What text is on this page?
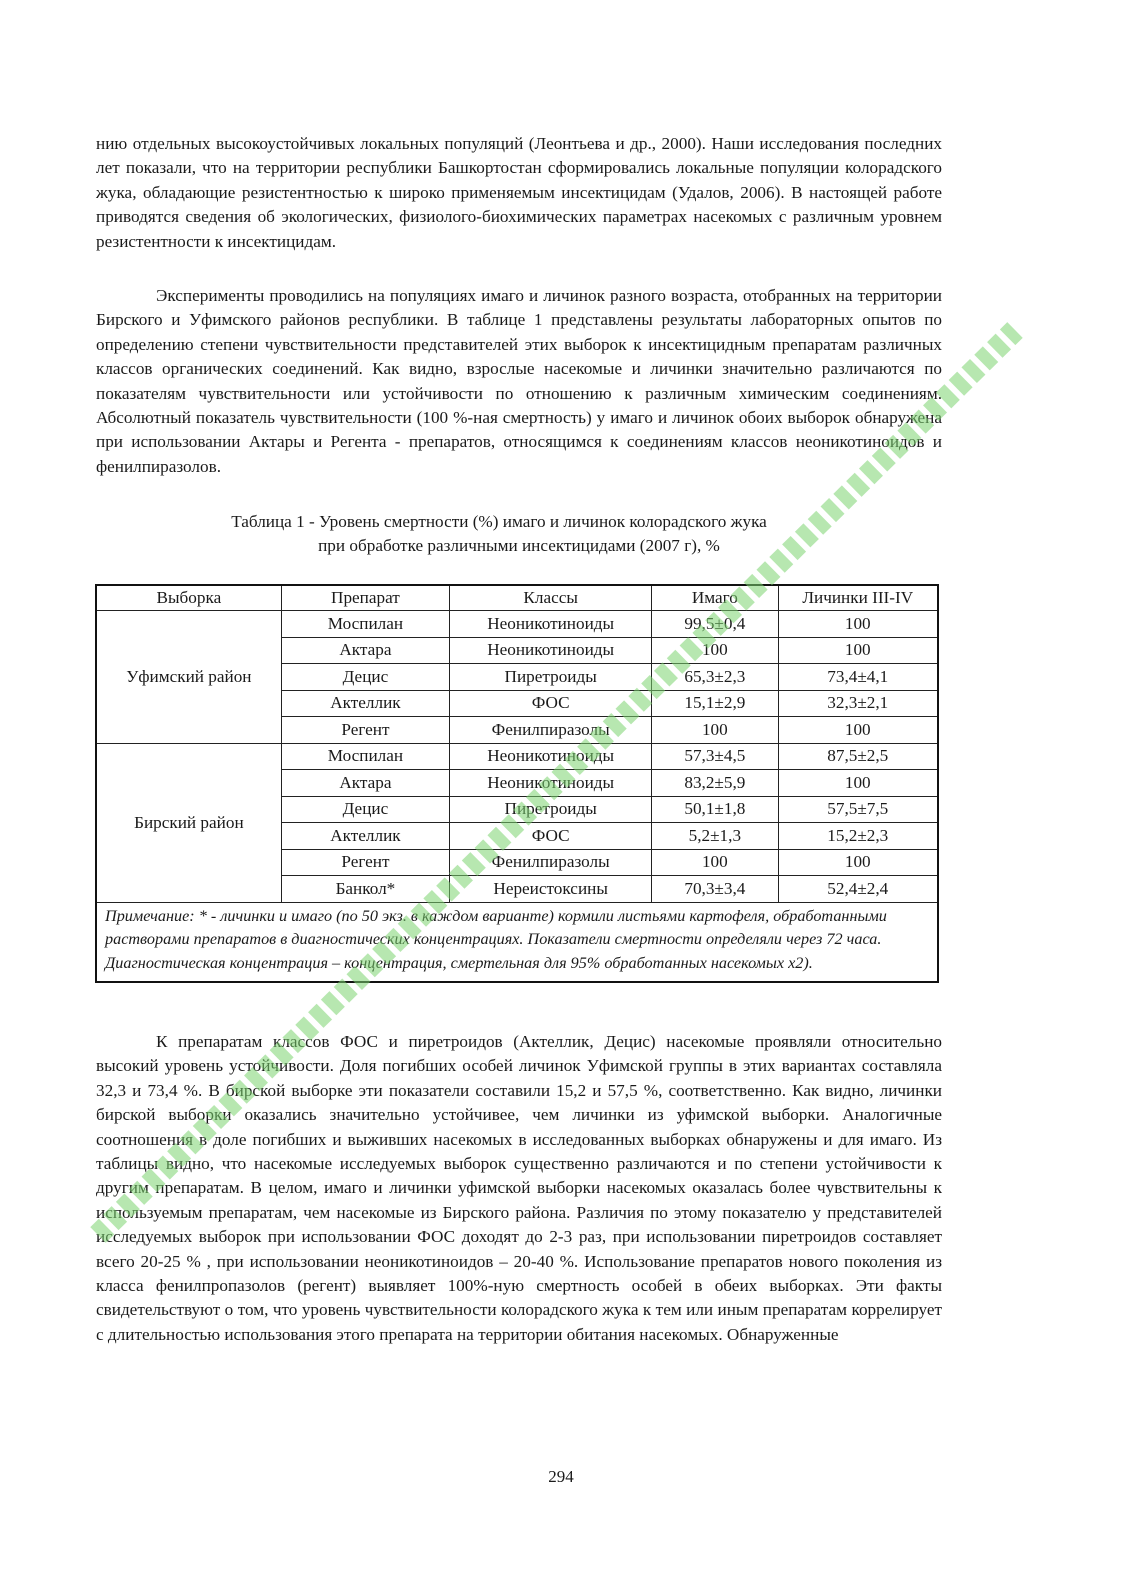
нию отдельных высокоустойчивых локальных популяций (Леонтьева и др., 2000). Наши исследования последних лет показали, что на территории республики Башкортостан сформировались локальные популяции колорадского жука, обладающие резистентностью к широко применяемым инсектицидам (Удалов, 2006). В настоящей работе приводятся сведения об экологических, физиолого-биохимических параметрах насекомых с различным уровнем резистентности к инсектицидам.

Эксперименты проводились на популяциях имаго и личинок разного возраста, отобранных на территории Бирского и Уфимского районов республики. В таблице 1 представлены результаты лабораторных опытов по определению степени чувствительности представителей этих выборок к инсектицидным препаратам различных классов органических соединений. Как видно, взрослые насекомые и личинки значительно различаются по показателям чувствительности или устойчивости по отношению к различным химическим соединениям. Абсолютный показатель чувствительности (100 %-ная смертность) у имаго и личинок обоих выборок обнаружена при использовании Актары и Регента - препаратов, относящимся к соединениям классов неоникотиноидов и фенилпиразолов.

Таблица 1 - Уровень смертности (%) имаго и личинок колорадского жука
при обработке различными инсектицидами (2007 г), %
Выборка	Препарат	Классы	Имаго	Личинки III-IV
Уфимский район	Моспилан	Неоникотиноиды	99,5±0,4	100
	Актара	Неоникотиноиды	100	100
	Децис	Пиретроиды	65,3±2,3	73,4±4,1
	Актеллик	ФОС	15,1±2,9	32,3±2,1
	Регент	Фенилпиразолы	100	100
Бирский район	Моспилан	Неоникотиноиды	57,3±4,5	87,5±2,5
	Актара	Неоникотиноиды	83,2±5,9	100
	Децис	Пиретроиды	50,1±1,8	57,5±7,5
	Актеллик	ФОС	5,2±1,3	15,2±2,3
	Регент	Фенилпиразолы	100	100
	Банкол*	Нереистоксины	70,3±3,4	52,4±2,4
Примечание: * - личинки и имаго (по 50 экз. в каждом варианте) кормили листьями картофеля, обработанными растворами препаратов в диагностических концентрациях. Показатели смертности определяли через 72 часа. Диагностическая концентрация – концентрация, смертельная для 95% обработанных насекомых х2).				

К препаратам классов ФОС и пиретроидов (Актеллик, Децис) насекомые проявляли относительно высокий уровень устойчивости. Доля погибших особей личинок Уфимской группы в этих вариантах составляла 32,3 и 73,4 %. В бирской выборке эти показатели составили 15,2 и 57,5 %, соответственно. Как видно, личинки бирской выборки оказались значительно устойчивее, чем личинки из уфимской выборки. Аналогичные соотношения в доле погибших и выживших насекомых в исследованных выборках обнаружены и для имаго. Из таблицы видно, что насекомые исследуемых выборок существенно различаются и по степени устойчивости к другим препаратам. В целом, имаго и личинки уфимской выборки насекомых оказалась более чувствительны к используемым препаратам, чем насекомые из Бирского района. Различия по этому показателю у представителей исследуемых выборок при использовании ФОС доходят до 2-3 раз, при использовании пиретроидов составляет всего 20-25 % , при использовании неоникотиноидов – 20-40 %. Использование препаратов нового поколения из класса фенилпропазолов (регент) выявляет 100%-ную смертность особей в обеих выборках. Эти факты свидетельствуют о том, что уровень чувствительности колорадского жука к тем или иным препаратам коррелирует с длительностью использования этого препарата на территории обитания насекомых. Обнаруженные

294
